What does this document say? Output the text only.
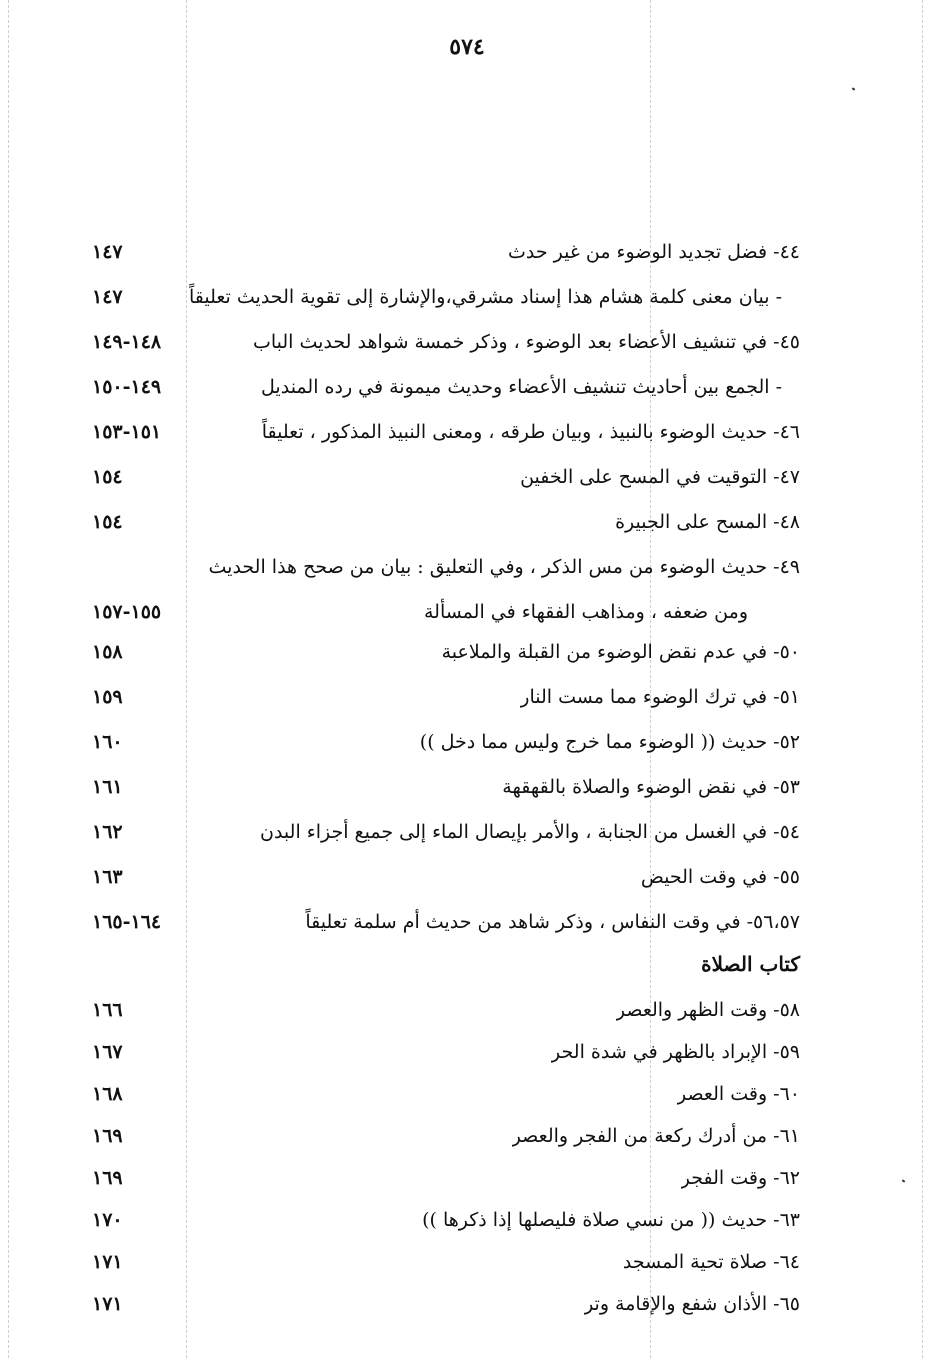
٥٧٤
٤٤- فضل تجديد الوضوء من غير حدث
١٤٧
- بيان معنى كلمة هشام هذا إسناد مشرقي،والإشارة إلى تقوية الحديث تعليقاً
١٤٧
٤٥- في تنشيف الأعضاء بعد الوضوء ، وذكر خمسة شواهد لحديث الباب
١٤٨-١٤٩
- الجمع بين أحاديث تنشيف الأعضاء وحديث ميمونة في رده المنديل
١٤٩-١٥٠
٤٦- حديث الوضوء بالنبيذ ، وبيان طرقه ، ومعنى النبيذ المذكور ، تعليقاً
١٥١-١٥٣
٤٧- التوقيت في المسح على الخفين
١٥٤
٤٨- المسح على الجبيرة
١٥٤
٤٩- حديث الوضوء من مس الذكر ، وفي التعليق : بيان من صحح هذا الحديث
ومن ضعفه ، ومذاهب الفقهاء في المسألة
١٥٥-١٥٧
٥٠- في عدم نقض الوضوء من القبلة والملاعبة
١٥٨
٥١- في ترك الوضوء مما مست النار
١٥٩
٥٢- حديث (( الوضوء مما خرج وليس مما دخل ))
١٦٠
٥٣- في نقض الوضوء والصلاة بالقهقهة
١٦١
٥٤- في الغسل من الجنابة ، والأمر بإيصال الماء إلى جميع أجزاء البدن
١٦٢
٥٥- في وقت الحيض
١٦٣
٥٦،٥٧- في وقت النفاس ، وذكر شاهد من حديث أم سلمة تعليقاً
١٦٤-١٦٥
كتاب الصلاة
٥٨- وقت الظهر والعصر
١٦٦
٥٩- الإبراد بالظهر في شدة الحر
١٦٧
٦٠- وقت العصر
١٦٨
٦١- من أدرك ركعة من الفجر والعصر
١٦٩
٦٢- وقت الفجر
١٦٩
٦٣- حديث (( من نسي صلاة فليصلها إذا ذكرها ))
١٧٠
٦٤- صلاة تحية المسجد
١٧١
٦٥- الأذان شفع والإقامة وتر
١٧١
